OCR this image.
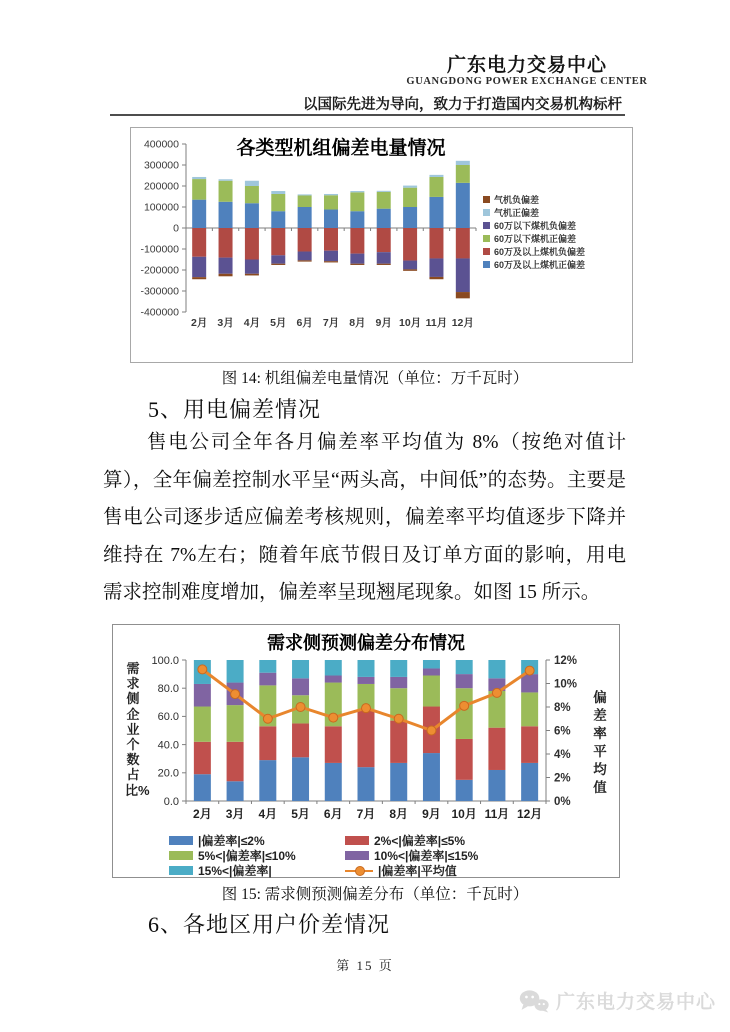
广东电力交易中心
GUANGDONG POWER EXCHANGE CENTER
以国际先进为导向，致力于打造国内交易机构标杆
-400000
-300000
-200000
-100000
0
100000
200000
300000
400000
2月 3月 4月 5月 6月 7月 8月 9月 10月 11月 12月
各类型机组偏差电量情况
气机负偏差
气机正偏差
60万以下煤机负偏差
60万以下煤机正偏差
60万及以上煤机负偏差
60万及以上煤机正偏差
图 14: 机组偏差电量情况（单位：万千瓦时）
5、用电偏差情况
售电公司全年各月偏差率平均值为 8%（按绝对值计
算），全年偏差控制水平呈“两头高，中间低”的态势。主要是
售电公司逐步适应偏差考核规则，偏差率平均值逐步下降并
维持在 7%左右；随着年底节假日及订单方面的影响，用电
需求控制难度增加，偏差率呈现翘尾现象。如图 15 所示。
0.0
20.0
40.0
60.0
80.0
100.0
0%
2%
4%
6%
8%
10%
12%
2月 3月 4月 5月 6月 7月 8月 9月 10月 11月 12月
需求侧预测偏差分布情况
需求侧企业个数占比%
偏差率平均值
|偏差率|≤2%	2%<|偏差率|≤5%
5%<|偏差率|≤10%	10%<|偏差率|≤15%
15%<|偏差率|	|偏差率|平均值
图 15: 需求侧预测偏差分布（单位：千瓦时）
6、各地区用户价差情况
第 15 页
广东电力交易中心
